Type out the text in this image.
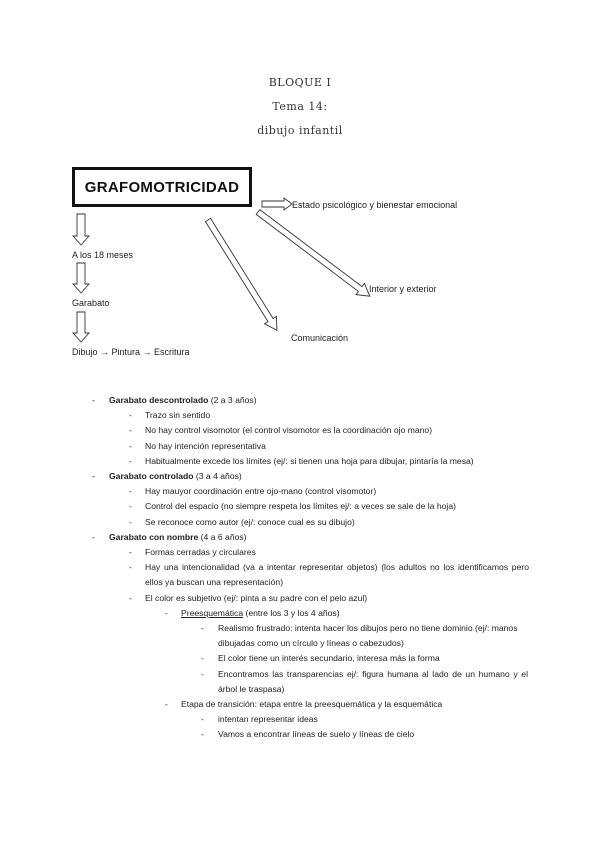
BLOQUE I
Tema 14:
dibujo infantil
GRAFOMOTRICIDAD
Estado psicológico y bienestar emocional
Interior y exterior
Comunicación
A los 18 meses
Garabato
Dibujo → Pintura → Escritura
- Garabato descontrolado (2 a 3 años)
- Trazo sin sentido
- No hay control visomotor (el control visomotor es la coordinación ojo mano)
- No hay intención representativa
- Habitualmente excede los límites (ej/: si tienen una hoja para dibujar, pintaría la mesa)
- Garabato controlado (3 a 4 años)
- Hay mauyor coordinación entre ojo-mano (control visomotor)
- Control del espacio (no siempre respeta los límites ej/: a veces se sale de la hoja)
- Se reconoce como autor (ej/: conoce cual es su dibujo)
- Garabato con nombre (4 a 6 años)
- Formas cerradas y circulares
- Hay una intencionalidad (va a intentar representar objetos) (los adultos no los identificamos pero ellos ya buscan una representación)
- El color es subjetivo (ej/: pinta a su padre con el pelo azul)
- Preesquemática (entre los 3 y los 4 años)
- Realismo frustrado: intenta hacer los dibujos pero no tiene dominio (ej/: manos dibujadas como un círculo y líneas o cabezudos)
- El color tiene un interés secundario, interesa más la forma
- Encontramos las transparencias ej/: figura humana al lado de un humano y el árbol le traspasa)
- Etapa de transición: etapa entre la preesquemática y la esquemática
- intentan representar ideas
- Vamos a encontrar líneas de suelo y líneas de cielo
